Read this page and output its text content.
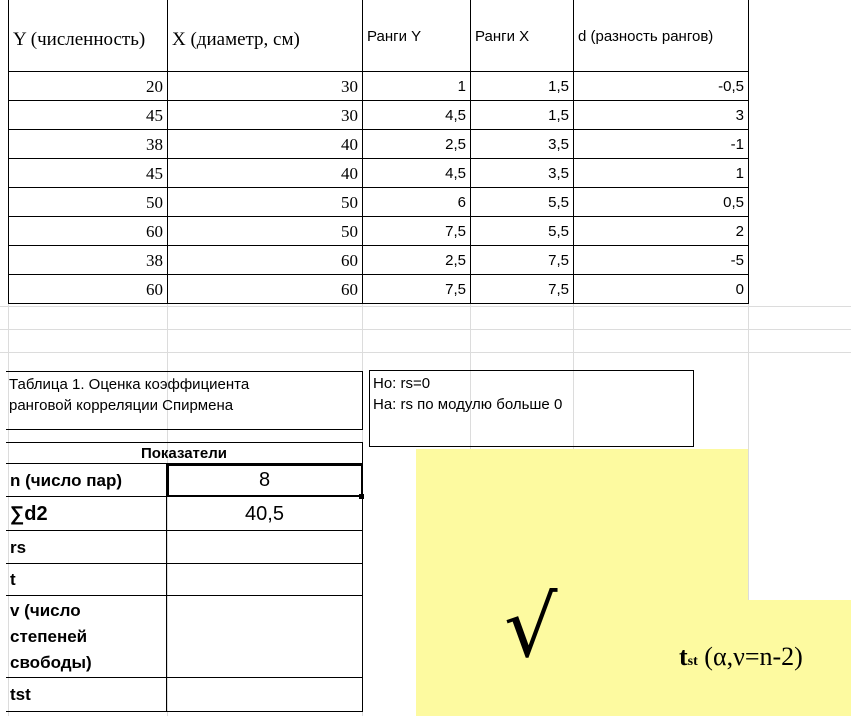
Y (численность)	X (диаметр, см)	Ранги Y	Ранги X	d (разность рангов)
20	30	1	1,5	-0,5
45	30	4,5	1,5	3
38	40	2,5	3,5	-1
45	40	4,5	3,5	1
50	50	6	5,5	0,5
60	50	7,5	5,5	2
38	60	2,5	7,5	-5
60	60	7,5	7,5	0
Таблица 1. Оценка коэффициента ранговой корреляции Спирмена
Ho: rs=0
На: rs по модулю больше 0
√	tst (α,ν=n-2)
Показатели
n (число пар)	8
∑d2	40,5
rs
t
v (число степеней свободы)
tst
